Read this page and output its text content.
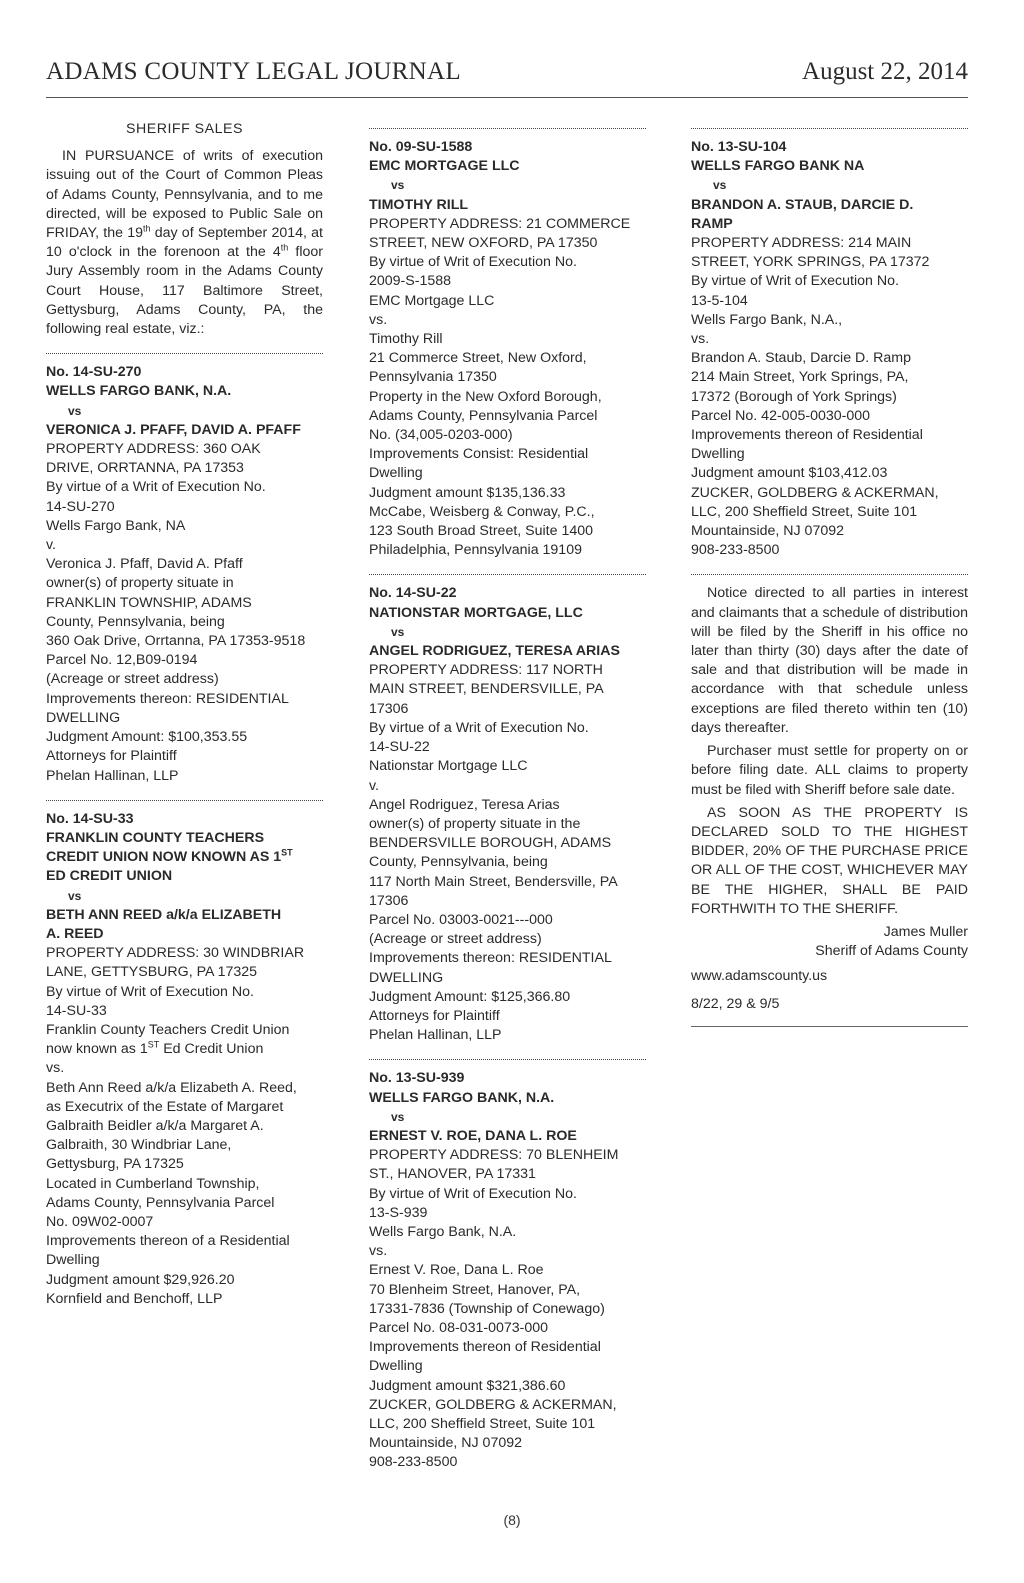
ADAMS COUNTY LEGAL JOURNAL	August 22, 2014

SHERIFF SALES

IN PURSUANCE of writs of execution issuing out of the Court of Common Pleas of Adams County, Pennsylvania, and to me directed, will be exposed to Public Sale on FRIDAY, the 19th day of September 2014, at 10 o'clock in the forenoon at the 4th floor Jury Assembly room in the Adams County Court House, 117 Baltimore Street, Gettysburg, Adams County, PA, the following real estate, viz.:

No. 14-SU-270

WELLS FARGO BANK, N.A.

vs

VERONICA J. PFAFF, DAVID A. PFAFF

PROPERTY ADDRESS: 360 OAK

DRIVE, ORRTANNA, PA 17353

By virtue of a Writ of Execution No.

14-SU-270

Wells Fargo Bank, NA

v.

Veronica J. Pfaff, David A. Pfaff

owner(s) of property situate in

FRANKLIN TOWNSHIP, ADAMS

County, Pennsylvania, being

360 Oak Drive, Orrtanna, PA 17353-9518

Parcel No. 12,B09-0194

(Acreage or street address)

Improvements thereon: RESIDENTIAL

DWELLING

Judgment Amount: $100,353.55

Attorneys for Plaintiff

Phelan Hallinan, LLP

No. 14-SU-33

FRANKLIN COUNTY TEACHERS

CREDIT UNION NOW KNOWN AS 1ST

ED CREDIT UNION

vs

BETH ANN REED a/k/a ELIZABETH

A. REED

PROPERTY ADDRESS: 30 WINDBRIAR

LANE, GETTYSBURG, PA 17325

By virtue of Writ of Execution No.

14-SU-33

Franklin County Teachers Credit Union

now known as 1ST Ed Credit Union

vs.

Beth Ann Reed a/k/a Elizabeth A. Reed,

as Executrix of the Estate of Margaret

Galbraith Beidler a/k/a Margaret A.

Galbraith, 30 Windbriar Lane,

Gettysburg, PA 17325

Located in Cumberland Township,

Adams County, Pennsylvania Parcel

No. 09W02-0007

Improvements thereon of a Residential

Dwelling

Judgment amount $29,926.20

Kornfield and Benchoff, LLP

No. 09-SU-1588

EMC MORTGAGE LLC

vs

TIMOTHY RILL

PROPERTY ADDRESS: 21 COMMERCE

STREET, NEW OXFORD, PA 17350

By virtue of Writ of Execution No.

2009-S-1588

EMC Mortgage LLC

vs.

Timothy Rill

21 Commerce Street, New Oxford,

Pennsylvania 17350

Property in the New Oxford Borough,

Adams County, Pennsylvania Parcel

No. (34,005-0203-000)

Improvements Consist: Residential

Dwelling

Judgment amount $135,136.33

McCabe, Weisberg & Conway, P.C.,

123 South Broad Street, Suite 1400

Philadelphia, Pennsylvania 19109

No. 14-SU-22

NATIONSTAR MORTGAGE, LLC

vs

ANGEL RODRIGUEZ, TERESA ARIAS

PROPERTY ADDRESS: 117 NORTH

MAIN STREET, BENDERSVILLE, PA

17306

By virtue of a Writ of Execution No.

14-SU-22

Nationstar Mortgage LLC

v.

Angel Rodriguez, Teresa Arias

owner(s) of property situate in the

BENDERSVILLE BOROUGH, ADAMS

County, Pennsylvania, being

117 North Main Street, Bendersville, PA

17306

Parcel No. 03003-0021---000

(Acreage or street address)

Improvements thereon: RESIDENTIAL

DWELLING

Judgment Amount: $125,366.80

Attorneys for Plaintiff

Phelan Hallinan, LLP

No. 13-SU-939

WELLS FARGO BANK, N.A.

vs

ERNEST V. ROE, DANA L. ROE

PROPERTY ADDRESS: 70 BLENHEIM

ST., HANOVER, PA 17331

By virtue of Writ of Execution No.

13-S-939

Wells Fargo Bank, N.A.

vs.

Ernest V. Roe, Dana L. Roe

70 Blenheim Street, Hanover, PA,

17331-7836 (Township of Conewago)

Parcel No. 08-031-0073-000

Improvements thereon of Residential

Dwelling

Judgment amount $321,386.60

ZUCKER, GOLDBERG & ACKERMAN,

LLC, 200 Sheffield Street, Suite 101

Mountainside, NJ 07092

908-233-8500

No. 13-SU-104

WELLS FARGO BANK NA

vs

BRANDON A. STAUB, DARCIE D.

RAMP

PROPERTY ADDRESS: 214 MAIN

STREET, YORK SPRINGS, PA 17372

By virtue of Writ of Execution No.

13-5-104

Wells Fargo Bank, N.A.,

vs.

Brandon A. Staub, Darcie D. Ramp

214 Main Street, York Springs, PA,

17372 (Borough of York Springs)

Parcel No. 42-005-0030-000

Improvements thereon of Residential

Dwelling

Judgment amount $103,412.03

ZUCKER, GOLDBERG & ACKERMAN,

LLC, 200 Sheffield Street, Suite 101

Mountainside, NJ 07092

908-233-8500

Notice directed to all parties in interest and claimants that a schedule of distribution will be filed by the Sheriff in his office no later than thirty (30) days after the date of sale and that distribution will be made in accordance with that schedule unless exceptions are filed thereto within ten (10) days thereafter.

Purchaser must settle for property on or before filing date. ALL claims to property must be filed with Sheriff before sale date.

AS SOON AS THE PROPERTY IS DECLARED SOLD TO THE HIGHEST BIDDER, 20% OF THE PURCHASE PRICE OR ALL OF THE COST, WHICHEVER MAY BE THE HIGHER, SHALL BE PAID FORTHWITH TO THE SHERIFF.

James Muller

Sheriff of Adams County

www.adamscounty.us

8/22, 29 & 9/5

(8)
